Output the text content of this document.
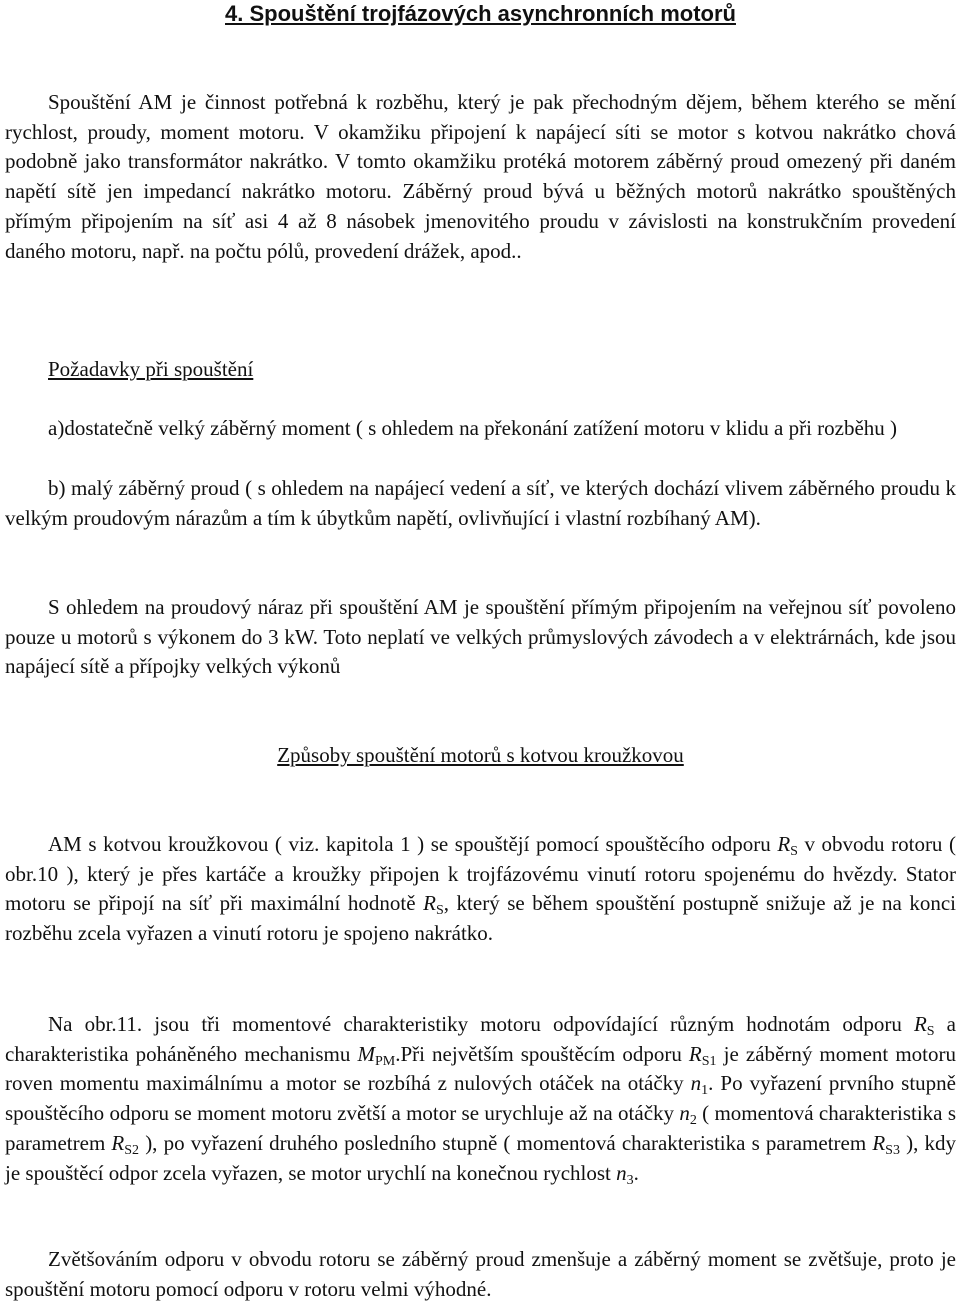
4. Spouštění trojfázových asynchronních motorů

Spouštění AM je činnost potřebná k rozběhu, který je pak přechodným dějem, během kterého se mění rychlost, proudy, moment motoru. V okamžiku připojení k napájecí síti se motor s kotvou nakrátko chová podobně jako transformátor nakrátko. V tomto okamžiku protéká motorem záběrný proud omezený při daném napětí sítě jen impedancí nakrátko motoru. Záběrný proud bývá u běžných motorů nakrátko spouštěných přímým připojením na síť asi 4 až 8 násobek jmenovitého proudu v závislosti na konstrukčním provedení daného motoru, např. na počtu pólů, provedení drážek, apod..

Požadavky při spouštění

a)dostatečně velký záběrný moment ( s ohledem na překonání zatížení motoru v klidu a při rozběhu )

b) malý záběrný proud ( s ohledem na napájecí vedení a síť, ve kterých dochází vlivem záběrného proudu k velkým proudovým nárazům a tím k úbytkům napětí, ovlivňující i vlastní rozbíhaný AM).

S ohledem na proudový náraz při spouštění AM je spouštění přímým připojením na veřejnou síť povoleno pouze u motorů s výkonem do 3 kW. Toto neplatí ve velkých průmyslových závodech a v elektrárnách, kde jsou napájecí sítě a přípojky velkých výkonů

Způsoby spouštění motorů s kotvou kroužkovou

AM s kotvou kroužkovou ( viz. kapitola 1 ) se spouštějí pomocí spouštěcího odporu $R_S$ v obvodu rotoru ( obr.10 ), který je přes kartáče a kroužky připojen k trojfázovému vinutí rotoru spojenému do hvězdy. Stator motoru se připojí na síť při maximální hodnotě $R_S$, který se během spouštění postupně snižuje až je na konci rozběhu zcela vyřazen a vinutí rotoru je spojeno nakrátko.

Na obr.11. jsou tři momentové charakteristiky motoru odpovídající různým hodnotám odporu $R_S$ a charakteristika poháněného mechanismu $M_{PM}.Při$ největším spouštěcím odporu $R_{S1}$ je záběrný moment motoru roven momentu maximálnímu a motor se rozbíhá z nulových otáček na otáčky $n_1$. Po vyřazení prvního stupně spouštěcího odporu se moment motoru zvětší a motor se urychluje až na otáčky $n_2$ ( momentová charakteristika s parametrem $R_{S2}$ ), po vyřazení druhého posledního stupně ( momentová charakteristika s parametrem $R_{S3}$ ), kdy je spouštěcí odpor zcela vyřazen, se motor urychlí na konečnou rychlost $n_3$.

Zvětšováním odporu v obvodu rotoru se záběrný proud zmenšuje a záběrný moment se zvětšuje, proto je spouštění motoru pomocí odporu v rotoru velmi výhodné.
